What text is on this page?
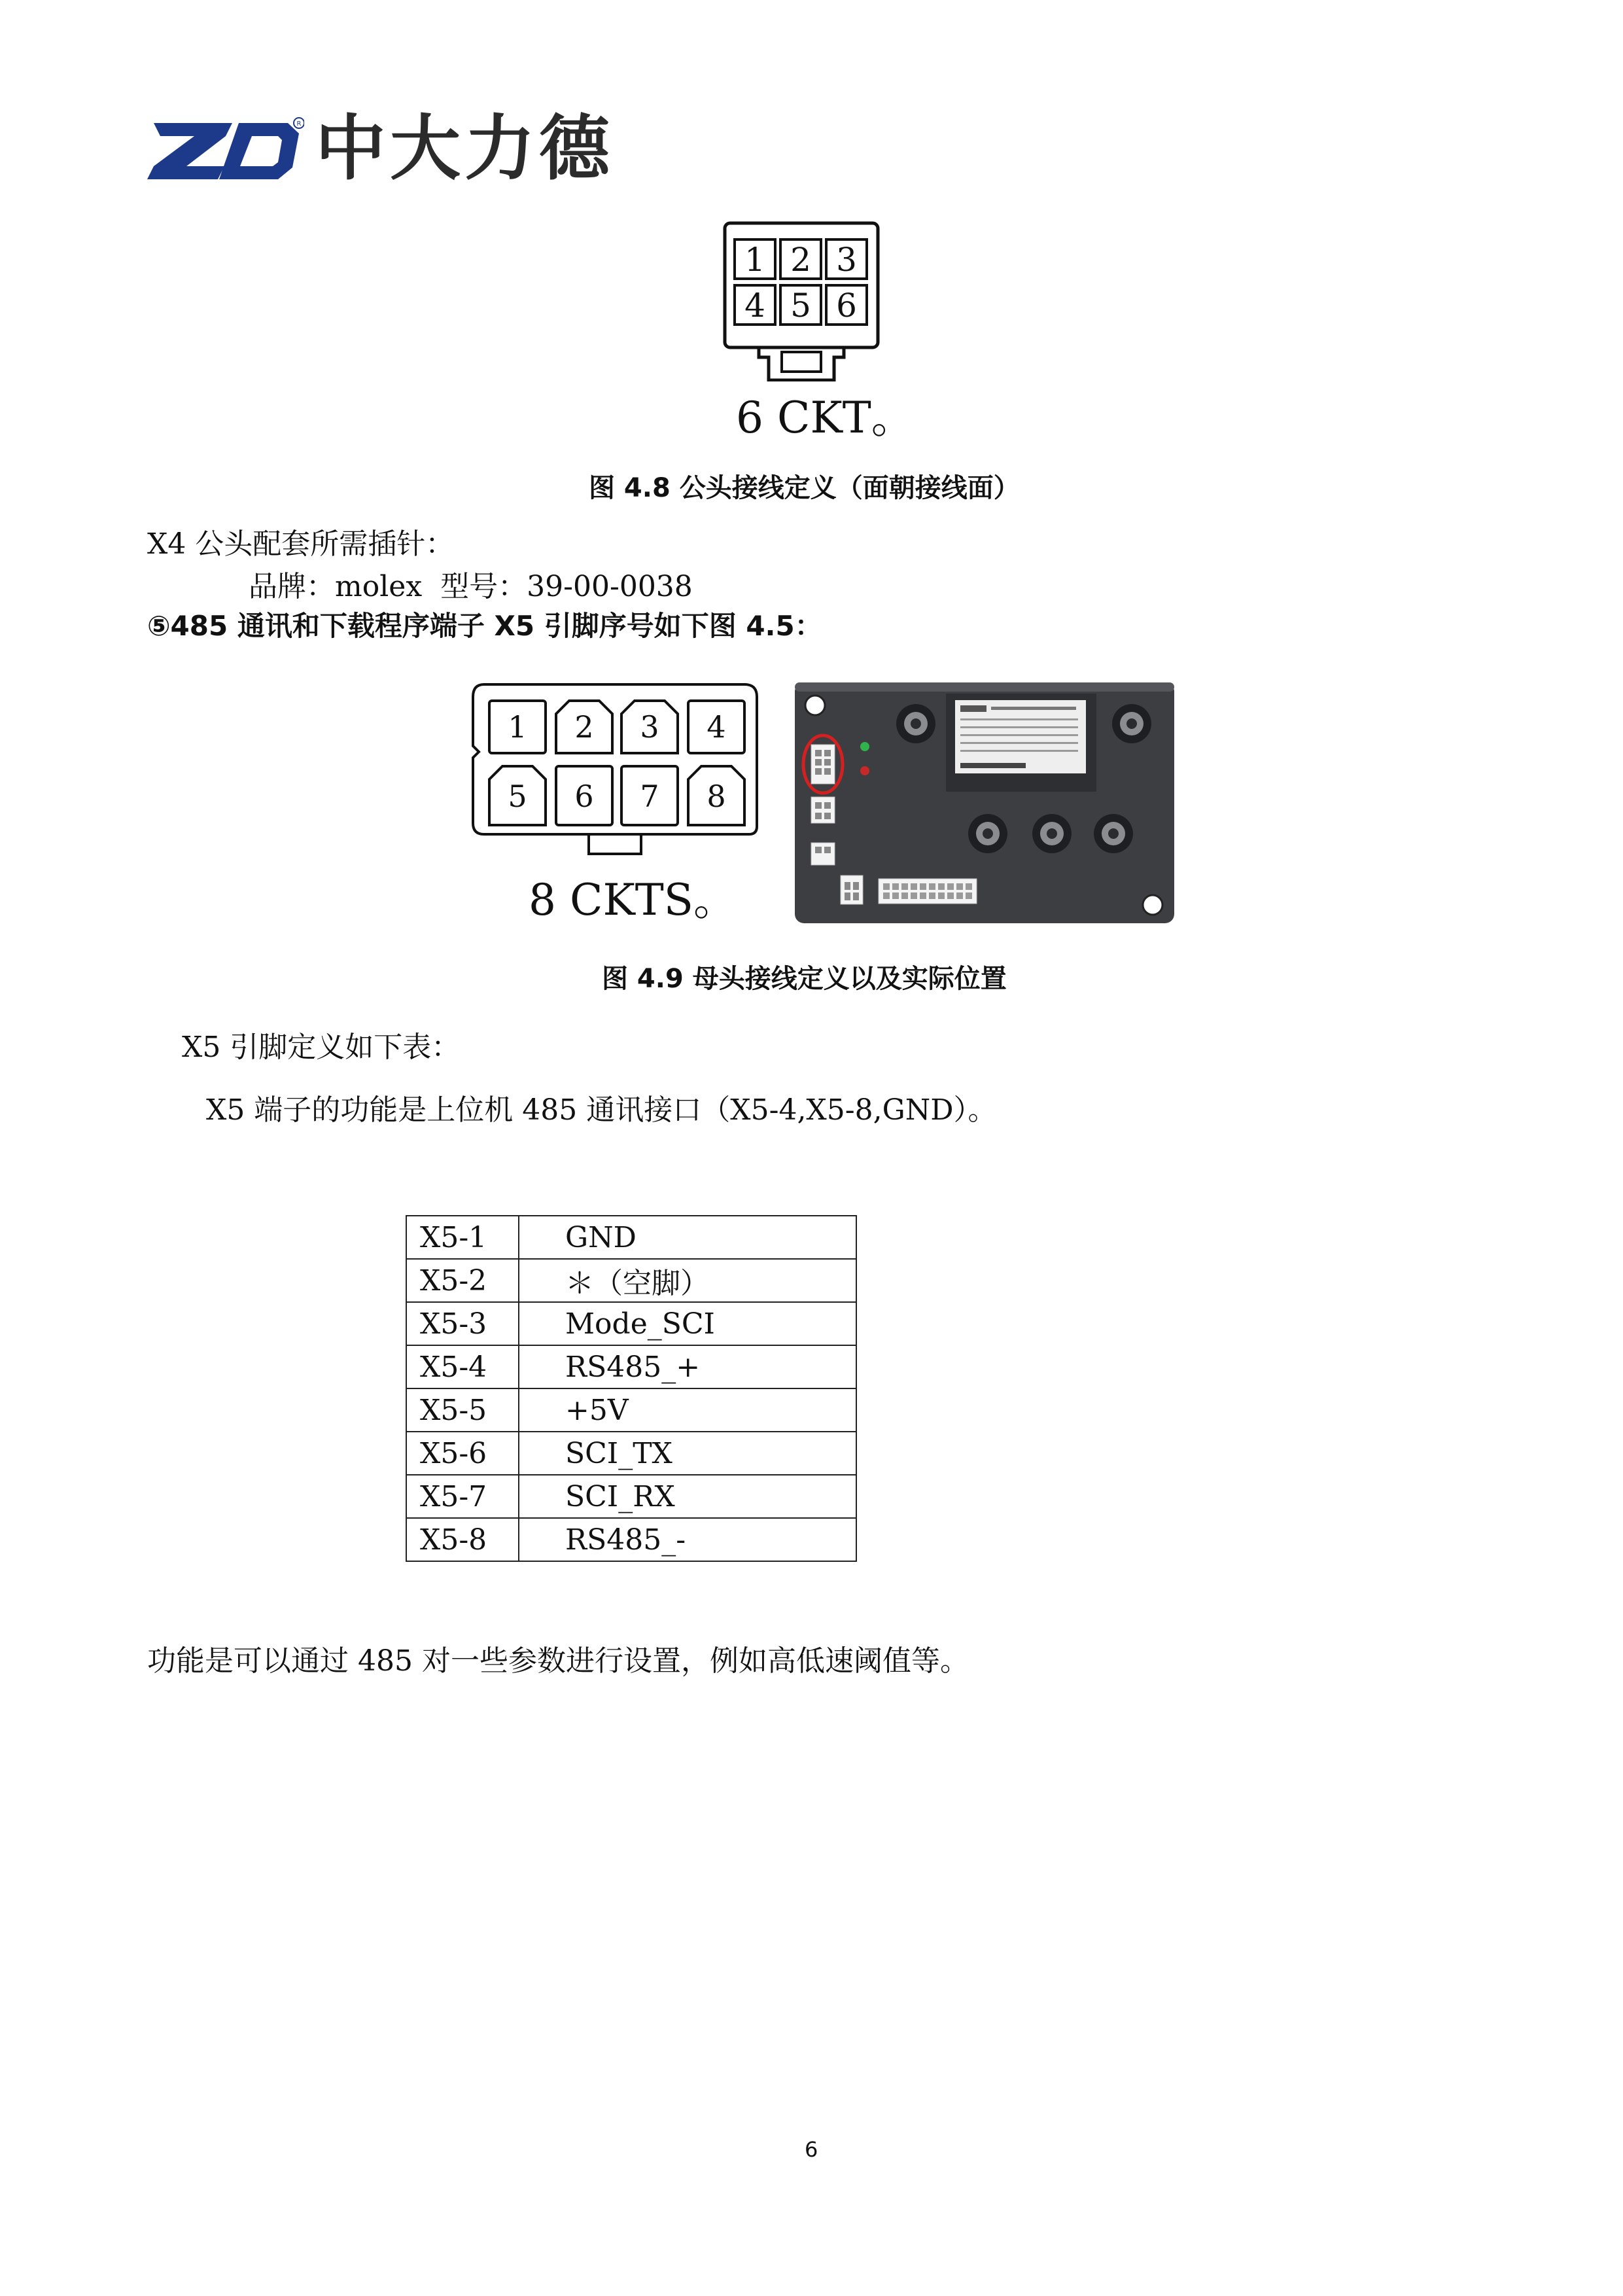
R 中大力德
1 2 3
4 5 6
6 CKT。
图 4.8 公头接线定义（面朝接线面）
X4 公头配套所需插针：
品牌：molex  型号：39-00-0038
⑤485 通讯和下载程序端子 X5 引脚序号如下图 4.5：
1 2 3 4
5 6 7 8
8 CKTS。
图 4.9 母头接线定义以及实际位置
X5 引脚定义如下表：
X5 端子的功能是上位机 485 通讯接口（X5-4,X5-8,GND）。
X5-1	GND
X5-2	＊（空脚）
X5-3	Mode_SCI
X5-4	RS485_+
X5-5	+5V
X5-6	SCI_TX
X5-7	SCI_RX
X5-8	RS485_-
功能是可以通过 485 对一些参数进行设置，例如高低速阈值等。
6
